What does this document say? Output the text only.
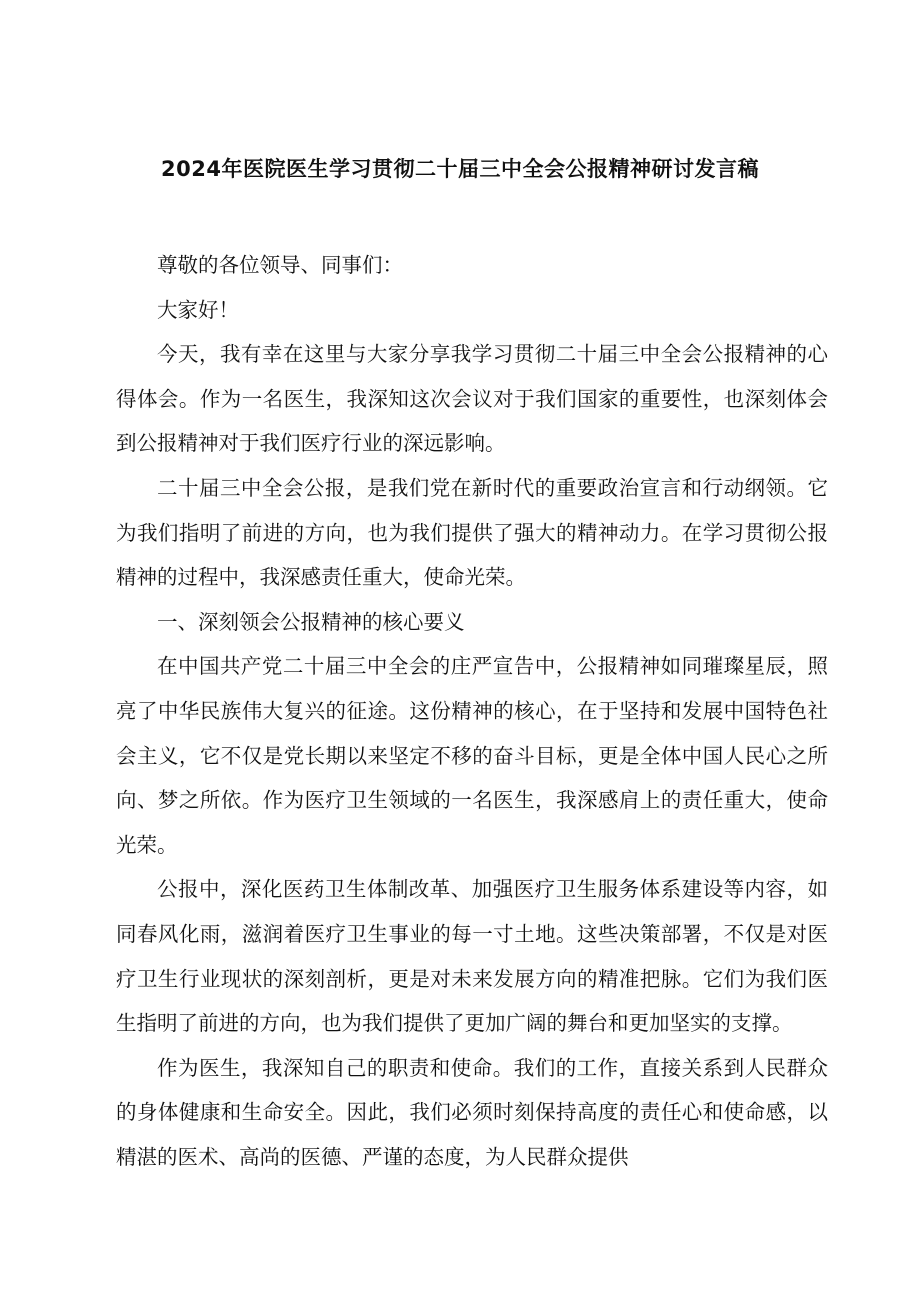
2024年医院医生学习贯彻二十届三中全会公报精神研讨发言稿

尊敬的各位领导、同事们：

大家好！

今天，我有幸在这里与大家分享我学习贯彻二十届三中全会公报精神的心得体会。作为一名医生，我深知这次会议对于我们国家的重要性，也深刻体会到公报精神对于我们医疗行业的深远影响。

二十届三中全会公报，是我们党在新时代的重要政治宣言和行动纲领。它为我们指明了前进的方向，也为我们提供了强大的精神动力。在学习贯彻公报精神的过程中，我深感责任重大，使命光荣。

一、深刻领会公报精神的核心要义

在中国共产党二十届三中全会的庄严宣告中，公报精神如同璀璨星辰，照亮了中华民族伟大复兴的征途。这份精神的核心，在于坚持和发展中国特色社会主义，它不仅是党长期以来坚定不移的奋斗目标，更是全体中国人民心之所向、梦之所依。作为医疗卫生领域的一名医生，我深感肩上的责任重大，使命光荣。

公报中，深化医药卫生体制改革、加强医疗卫生服务体系建设等内容，如同春风化雨，滋润着医疗卫生事业的每一寸土地。这些决策部署，不仅是对医疗卫生行业现状的深刻剖析，更是对未来发展方向的精准把脉。它们为我们医生指明了前进的方向，也为我们提供了更加广阔的舞台和更加坚实的支撑。

作为医生，我深知自己的职责和使命。我们的工作，直接关系到人民群众的身体健康和生命安全。因此，我们必须时刻保持高度的责任心和使命感，以精湛的医术、高尚的医德、严谨的态度，为人民群众提供
